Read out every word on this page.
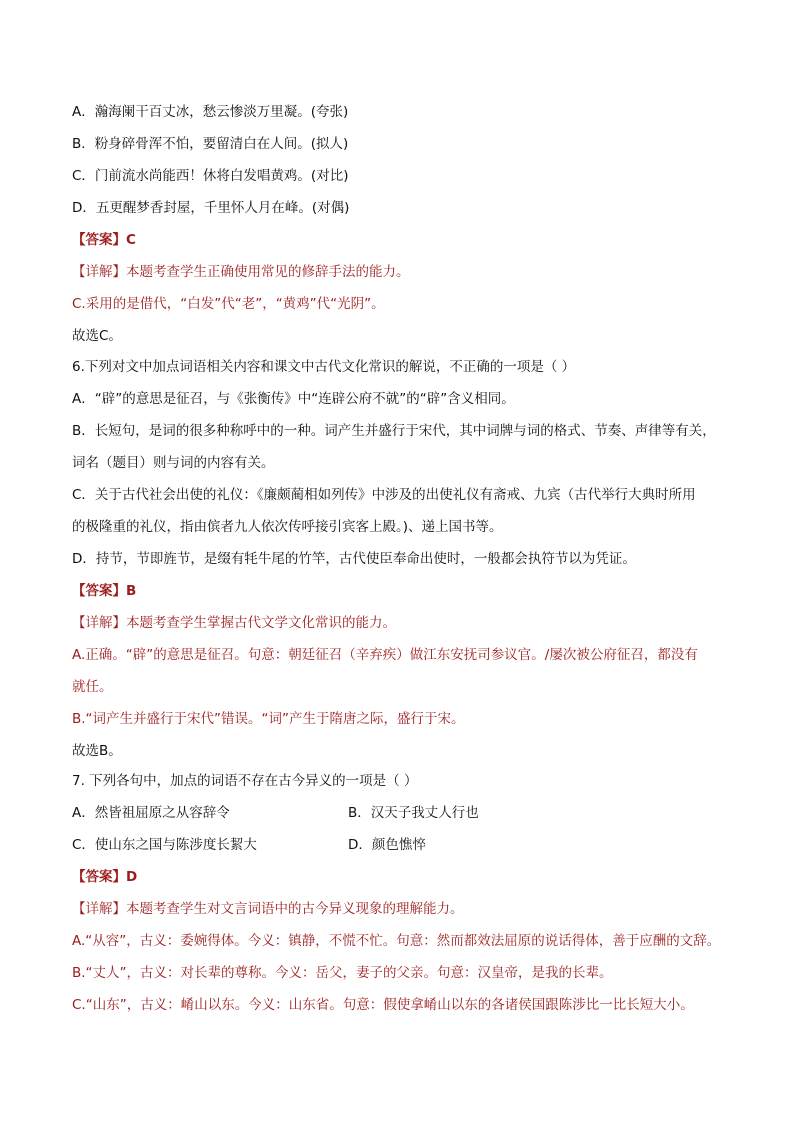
A．瀚海阑干百丈冰，愁云惨淡万里凝。(夸张)
B．粉身碎骨浑不怕，要留清白在人间。(拟人)
C．门前流水尚能西！休将白发唱黄鸡。(对比)
D．五更醒梦香封屋，千里怀人月在峰。(对偶)
【答案】C
【详解】本题考查学生正确使用常见的修辞手法的能力。
C.采用的是借代，“白发”代“老”，“黄鸡”代“光阴”。
故选C。
6.下列对文中加点词语相关内容和课文中古代文化常识的解说，不正确的一项是（ ）
A．“辟”的意思是征召，与《张衡传》中“连辟公府不就”的“辟”含义相同。
B．长短句，是词的很多种称呼中的一种。词产生并盛行于宋代，其中词牌与词的格式、节奏、声律等有关，
词名（题目）则与词的内容有关。
C．关于古代社会出使的礼仪：《廉颇蔺相如列传》中涉及的出使礼仪有斋戒、九宾（古代举行大典时所用
的极隆重的礼仪，指由傧者九人依次传呼接引宾客上殿。)、递上国书等。
D．持节，节即旌节，是缀有牦牛尾的竹竿，古代使臣奉命出使时，一般都会执符节以为凭证。
【答案】B
【详解】本题考查学生掌握古代文学文化常识的能力。
A.正确。“辟”的意思是征召。句意：朝廷征召（辛弃疾）做江东安抚司参议官。/屡次被公府征召，都没有
就任。
B.“词产生并盛行于宋代”错误。“词”产生于隋唐之际，盛行于宋。
故选B。
7. 下列各句中，加点的词语不存在古今异义的一项是（ ）
A．然皆祖屈原之从容辞令	B．汉天子我丈人行也
C．使山东之国与陈涉度长絜大	D．颜色憔悴
【答案】D
【详解】本题考查学生对文言词语中的古今异义现象的理解能力。
A.“从容”，古义：委婉得体。今义：镇静，不慌不忙。句意：然而都效法屈原的说话得体，善于应酬的文辞。
B.“丈人”，古义：对长辈的尊称。今义：岳父，妻子的父亲。句意：汉皇帝，是我的长辈。
C.“山东”，古义：崤山以东。今义：山东省。句意：假使拿崤山以东的各诸侯国跟陈涉比一比长短大小。
